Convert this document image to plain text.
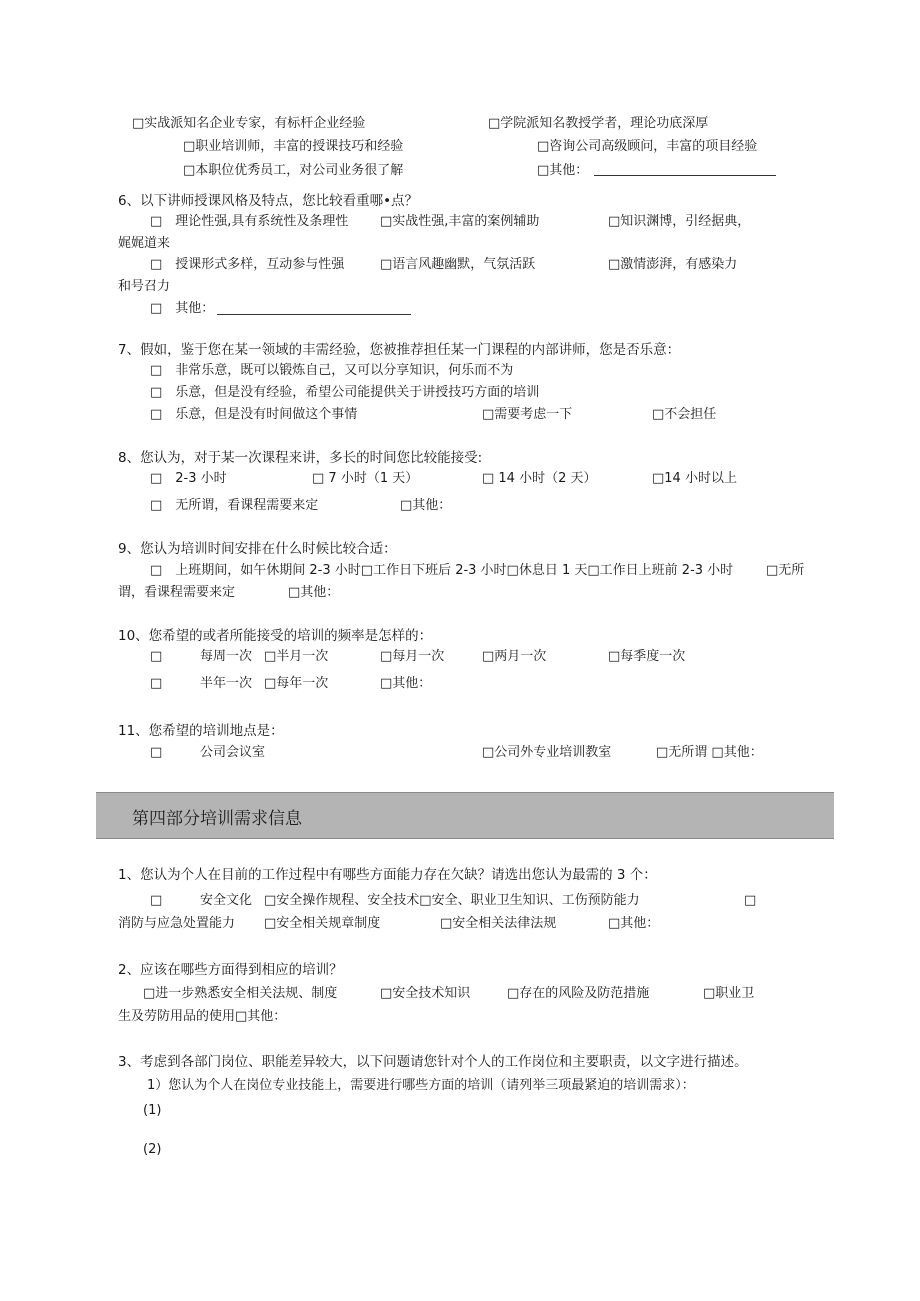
□实战派知名企业专家，有标杆企业经验	□学院派知名教授学者，理论功底深厚
□职业培训师，丰富的授课技巧和经验	□咨询公司高级顾问，丰富的项目经验
□本职位优秀员工，对公司业务很了解	□其他：
6、以下讲师授课风格及特点，您比较看重哪•点？
□　理论性强,具有系统性及条理性 □实战性强,丰富的案例辅助	□知识渊博，引经据典，
娓娓道来
□　授课形式多样，互动参与性强	□语言风趣幽默，气氛活跃	□激情澎湃，有感染力
和号召力
□　其他：
7、假如，鉴于您在某一领域的丰需经验，您被推荐担任某一门课程的内部讲师，您是否乐意：
□　非常乐意，既可以锻炼自己，又可以分享知识，何乐而不为
□　乐意，但是没有经验，希望公司能提供关于讲授技巧方面的培训
□　乐意，但是没有时间做这个事情	□需要考虑一下	□不会担任
8、您认为，对于某一次课程来讲，多长的时间您比较能接受:
□　2-3 小时	□ 7 小时（1 天）	□ 14 小时（2 天）	□14 小时以上
□　无所谓，看课程需要来定	□其他：
9、您认为培训时间安排在什么时候比较合适：
□　上班期间，如午休期间 2-3 小时□工作日下班后 2-3 小时□休息日 1 天□工作日上班前 2-3 小时	□无所
谓，看课程需要来定	□其他：
10、您希望的或者所能接受的培训的频率是怎样的：
□	每周一次 □半月一次	□每月一次	□两月一次	□每季度一次
□	半年一次 □每年一次	□其他：
11、您希望的培训地点是：
□	公司会议室	□公司外专业培训教室	□无所谓 □其他：
第四部分培训需求信息
1、您认为个人在目前的工作过程中有哪些方面能力存在欠缺？请选出您认为最需的 3 个：
□	安全文化 □安全操作规程、安全技术□安全、职业卫生知识、工伤预防能力	□
消防与应急处置能力 □安全相关规章制度	□安全相关法律法规	□其他：
2、应该在哪些方面得到相应的培训？
□进一步熟悉安全相关法规、制度	□安全技术知识	□存在的风险及防范措施	□职业卫
生及劳防用品的使用□其他：
3、考虑到各部门岗位、职能差异较大，以下问题请您针对个人的工作岗位和主要职责，以文字进行描述。
1）您认为个人在岗位专业技能上，需要进行哪些方面的培训（请列举三项最紧迫的培训需求）：
(1)
(2)
